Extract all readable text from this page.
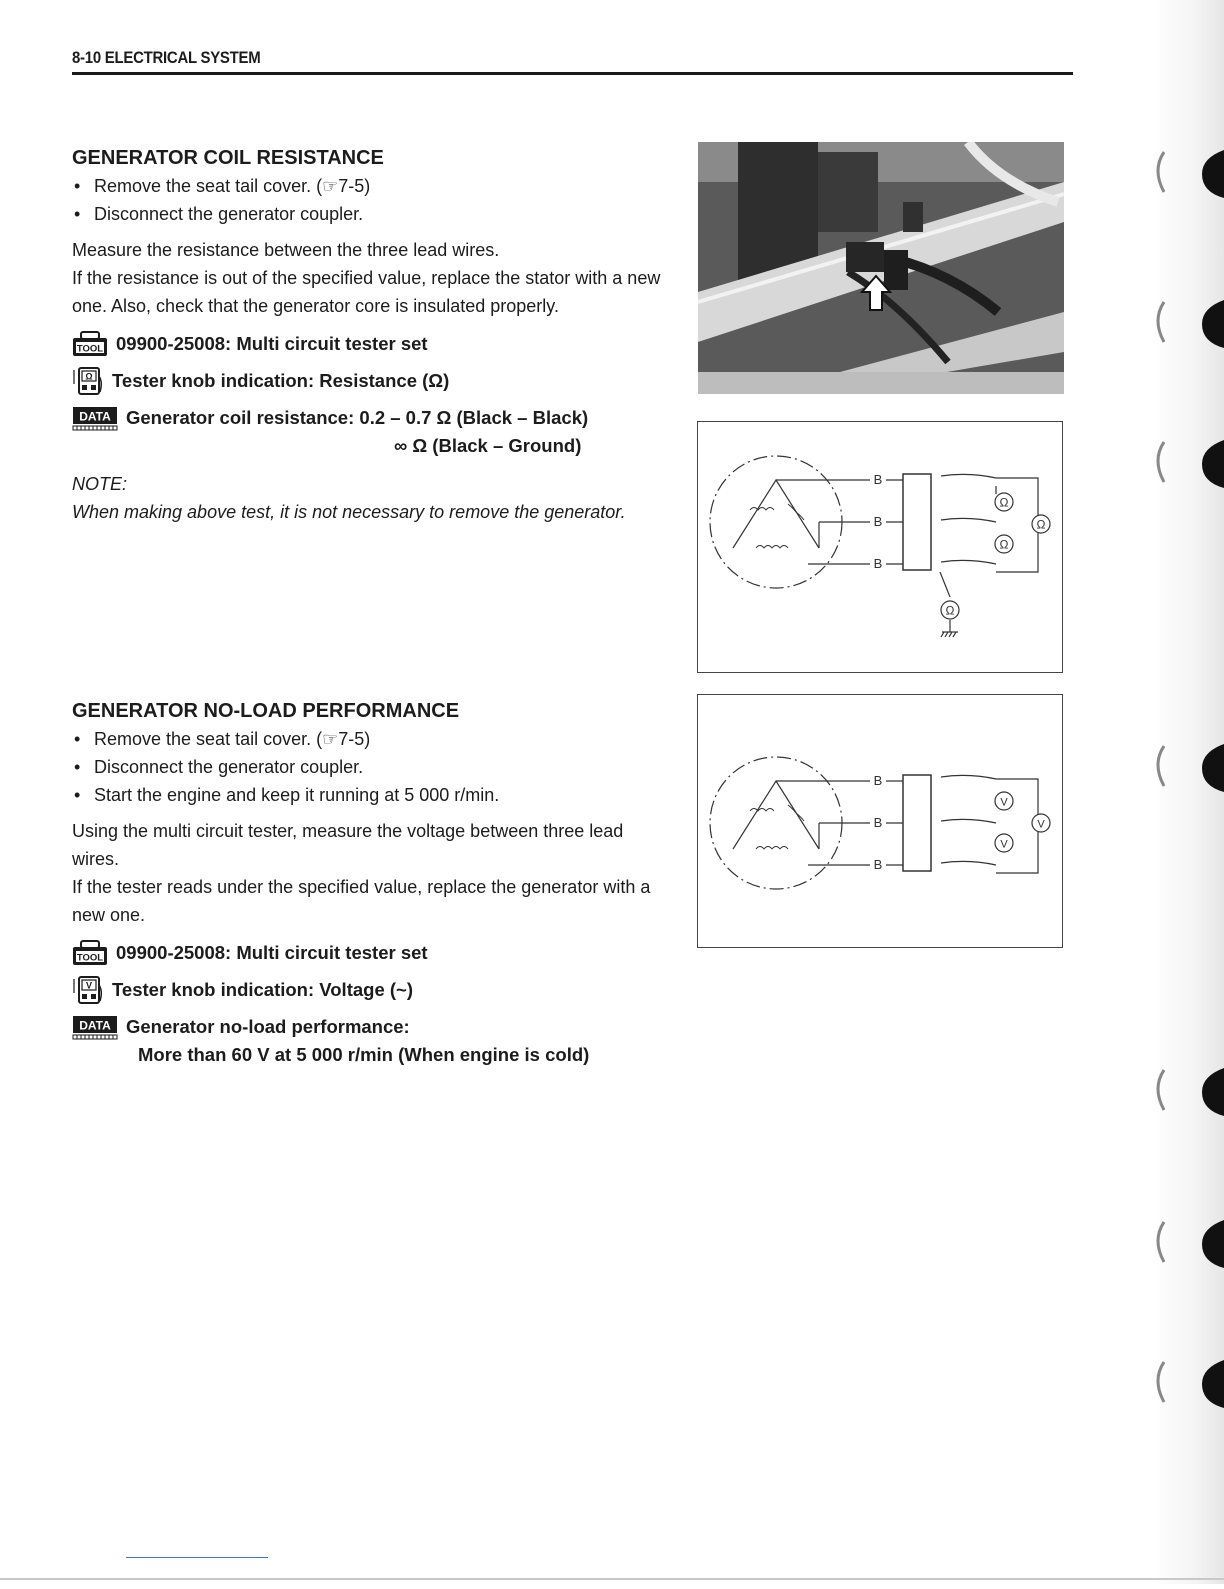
8-10 ELECTRICAL SYSTEM
GENERATOR COIL RESISTANCE
• Remove the seat tail cover. (☞7-5)
• Disconnect the generator coupler.
Measure the resistance between the three lead wires.
If the resistance is out of the specified value, replace the stator with a new one. Also, check that the generator core is insulated properly.
TOOL 09900-25008: Multi circuit tester set
Ω Tester knob indication: Resistance (Ω)
DATA Generator coil resistance: 0.2 – 0.7 Ω (Black – Black)
∞ Ω (Black – Ground)
NOTE:
When making above test, it is not necessary to remove the generator.
GENERATOR NO-LOAD PERFORMANCE
• Remove the seat tail cover. (☞7-5)
• Disconnect the generator coupler.
• Start the engine and keep it running at 5 000 r/min.
Using the multi circuit tester, measure the voltage between three lead wires.
If the tester reads under the specified value, replace the generator with a new one.
TOOL 09900-25008: Multi circuit tester set
V Tester knob indication: Voltage (~)
DATA Generator no-load performance:
More than 60 V at 5 000 r/min (When engine is cold)
B
B
B
Ω
Ω
Ω
Ω
B
B
B
V
V
V
